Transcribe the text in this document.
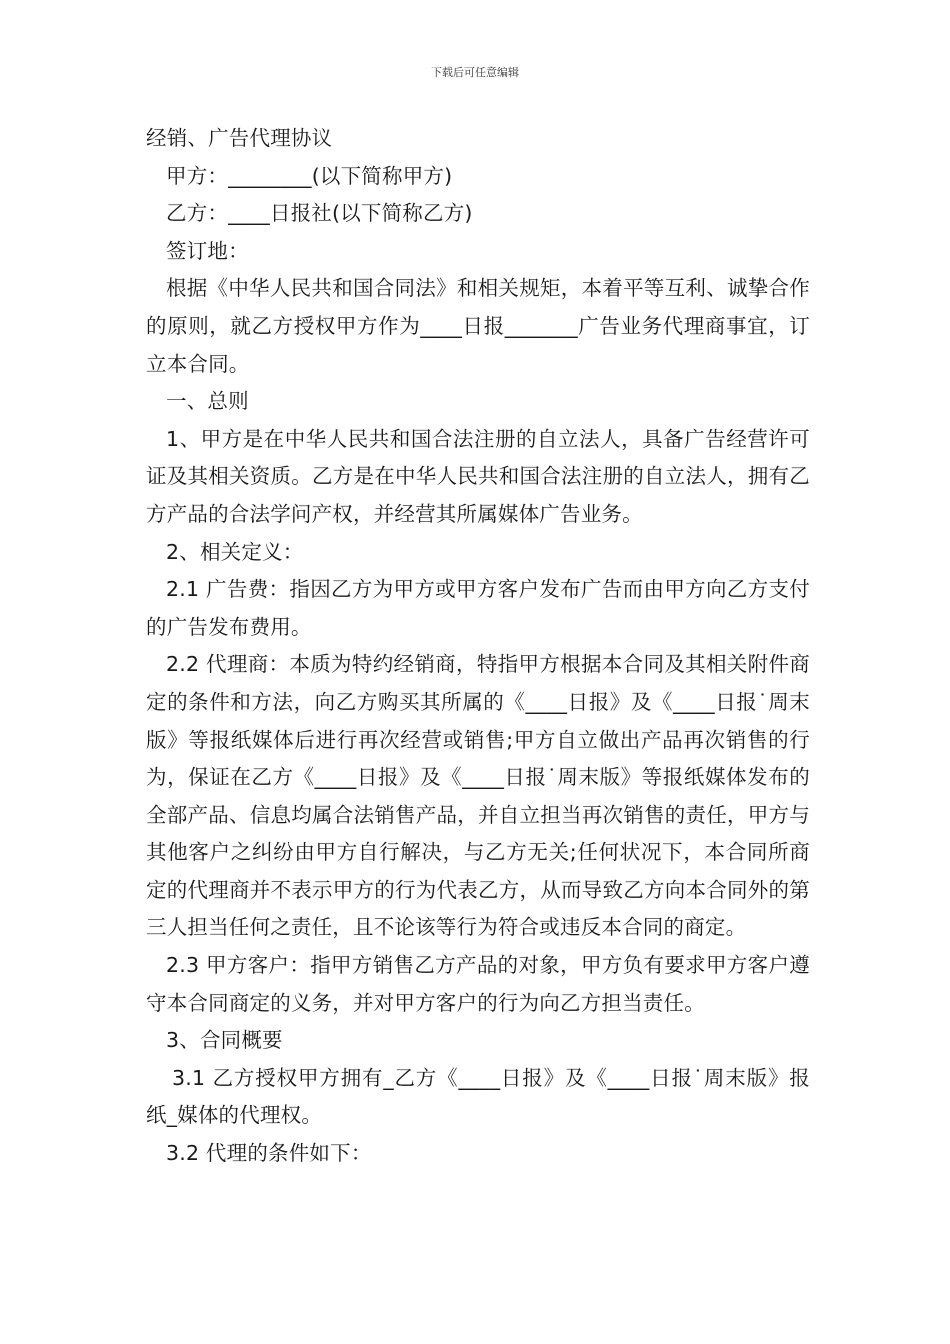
下载后可任意编辑

经销、广告代理协议

甲方：________(以下简称甲方)

乙方：____日报社(以下简称乙方)

签订地：

根据《中华人民共和国合同法》和相关规矩，本着平等互利、诚挚合作的原则，就乙方授权甲方作为____日报_______广告业务代理商事宜，订立本合同。

一、总则

1、甲方是在中华人民共和国合法注册的自立法人，具备广告经营许可证及其相关资质。乙方是在中华人民共和国合法注册的自立法人，拥有乙方产品的合法学问产权，并经营其所属媒体广告业务。

2、相关定义：

2.1 广告费：指因乙方为甲方或甲方客户发布广告而由甲方向乙方支付的广告发布费用。

2.2 代理商：本质为特约经销商，特指甲方根据本合同及其相关附件商定的条件和方法，向乙方购买其所属的《____日报》及《____日报˙周末版》等报纸媒体后进行再次经营或销售;甲方自立做出产品再次销售的行为，保证在乙方《____日报》及《____日报˙周末版》等报纸媒体发布的全部产品、信息均属合法销售产品，并自立担当再次销售的责任，甲方与其他客户之纠纷由甲方自行解决，与乙方无关;任何状况下，本合同所商定的代理商并不表示甲方的行为代表乙方，从而导致乙方向本合同外的第三人担当任何之责任，且不论该等行为符合或违反本合同的商定。

2.3 甲方客户：指甲方销售乙方产品的对象，甲方负有要求甲方客户遵守本合同商定的义务，并对甲方客户的行为向乙方担当责任。

3、合同概要

3.1 乙方授权甲方拥有_乙方《____日报》及《____日报˙周末版》报纸_媒体的代理权。

3.2 代理的条件如下：
